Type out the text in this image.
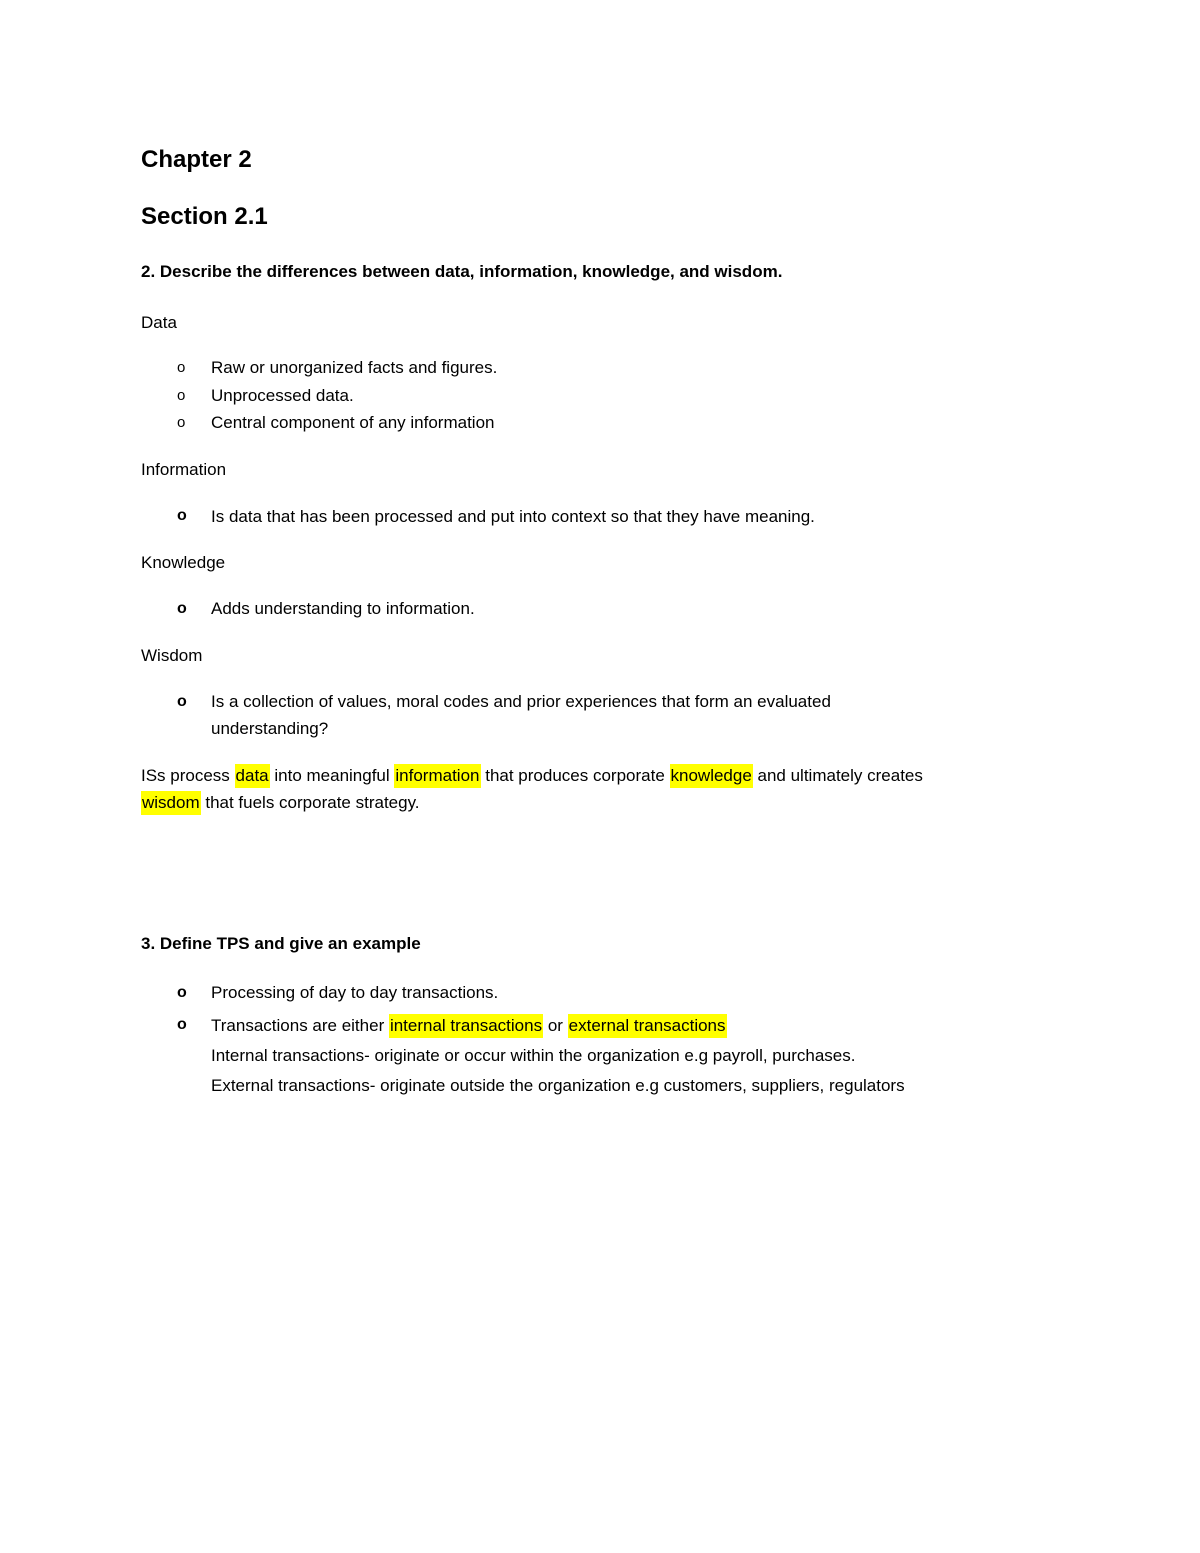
Chapter 2
Section 2.1
2. Describe the differences between data, information, knowledge, and wisdom.
Data
o Raw or unorganized facts and figures.
o Unprocessed data.
o Central component of any information
Information
o Is data that has been processed and put into context so that they have meaning.
Knowledge
o Adds understanding to information.
Wisdom
o Is a collection of values, moral codes and prior experiences that form an evaluated
understanding?
ISs process data into meaningful information that produces corporate knowledge and ultimately creates
wisdom that fuels corporate strategy.
3. Define TPS and give an example
o Processing of day to day transactions.
o Transactions are either internal transactions or external transactions
Internal transactions- originate or occur within the organization e.g payroll, purchases.
External transactions- originate outside the organization e.g customers, suppliers, regulators
